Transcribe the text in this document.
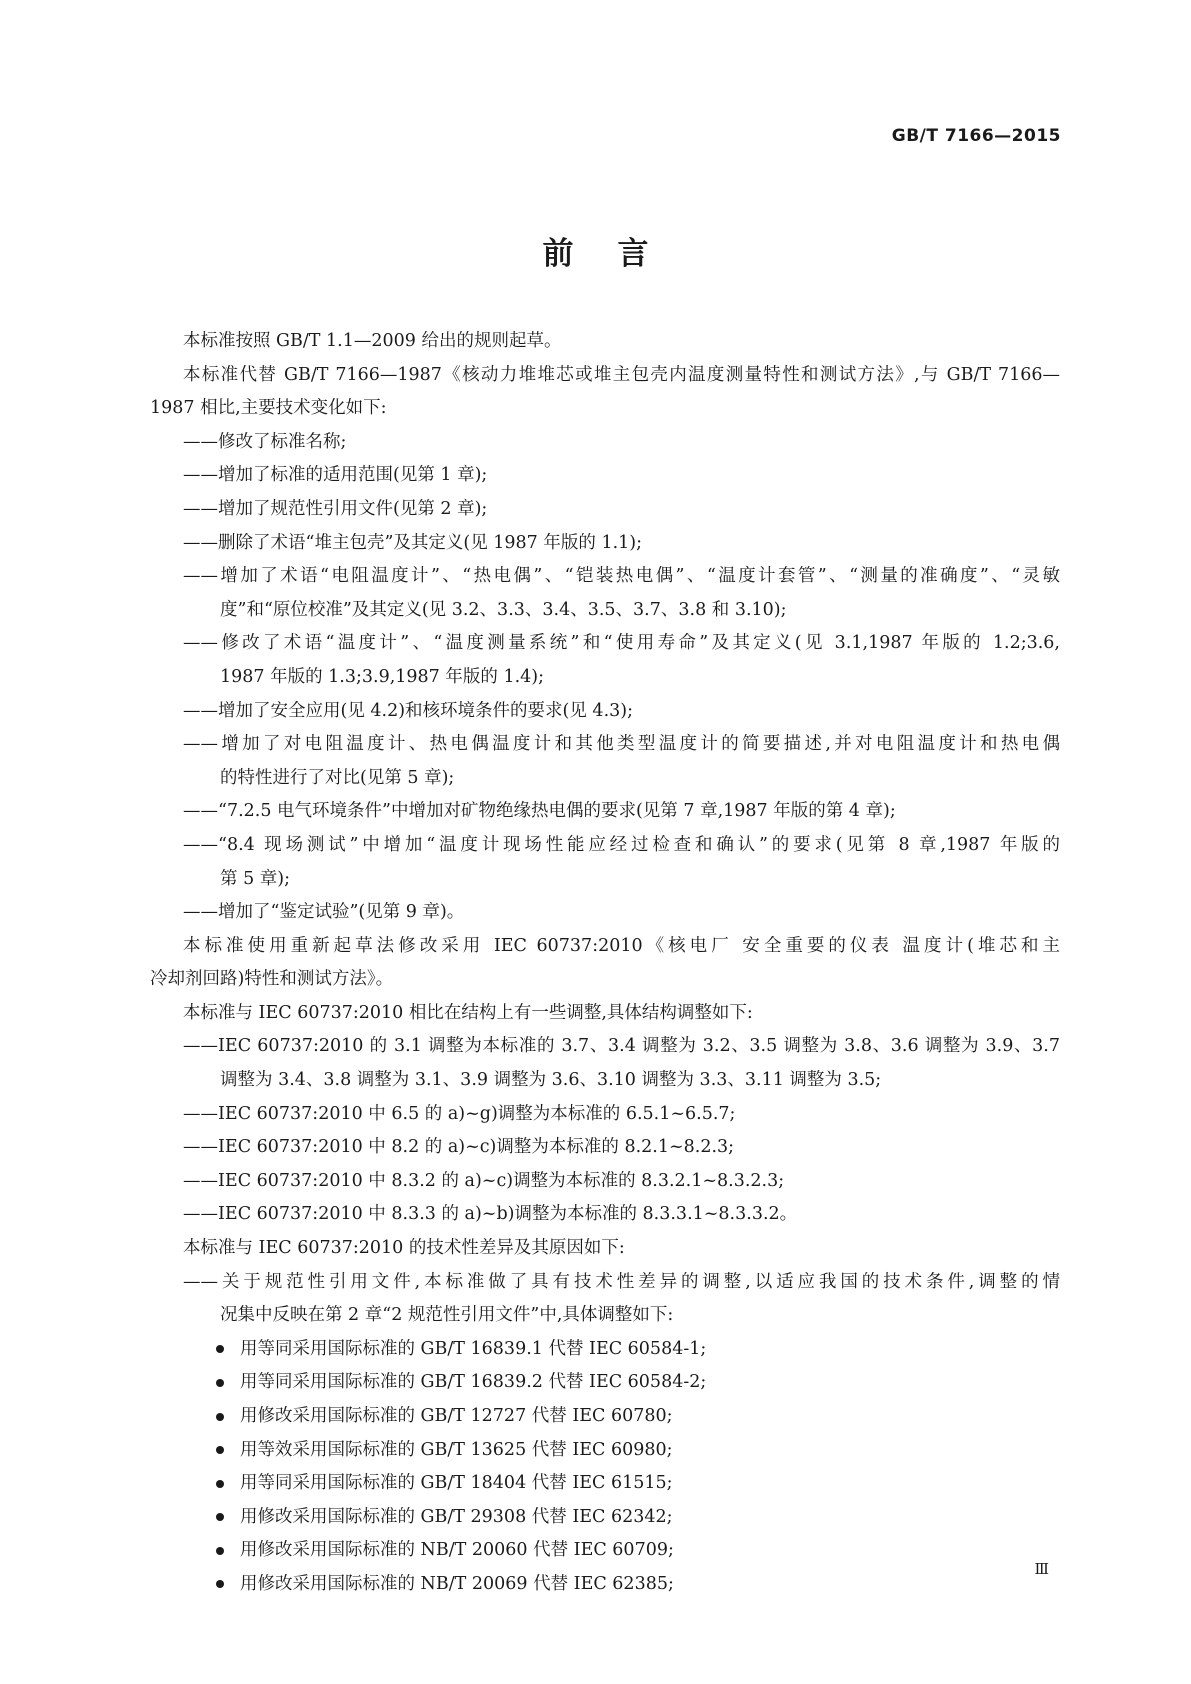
GB/T 7166—2015
前言
本标准按照 GB/T 1.1—2009 给出的规则起草。
本标准代替 GB/T 7166—1987《核动力堆堆芯或堆主包壳内温度测量特性和测试方法》,与 GB/T 7166—
1987 相比,主要技术变化如下:
——修改了标准名称;
——增加了标准的适用范围(见第 1 章);
——增加了规范性引用文件(见第 2 章);
——删除了术语“堆主包壳”及其定义(见 1987 年版的 1.1);
——增加了术语“电阻温度计”、“热电偶”、“铠装热电偶”、“温度计套管”、“测量的准确度”、“灵敏
度”和“原位校准”及其定义(见 3.2、3.3、3.4、3.5、3.7、3.8 和 3.10);
——修改了术语“温度计”、“温度测量系统”和“使用寿命”及其定义(见 3.1,1987 年版的 1.2;3.6,
1987 年版的 1.3;3.9,1987 年版的 1.4);
——增加了安全应用(见 4.2)和核环境条件的要求(见 4.3);
——增加了对电阻温度计、热电偶温度计和其他类型温度计的简要描述,并对电阻温度计和热电偶
的特性进行了对比(见第 5 章);
——“7.2.5 电气环境条件”中增加对矿物绝缘热电偶的要求(见第 7 章,1987 年版的第 4 章);
——“8.4 现场测试”中增加“温度计现场性能应经过检查和确认”的要求(见第 8 章,1987 年版的
第 5 章);
——增加了“鉴定试验”(见第 9 章)。
本标准使用重新起草法修改采用 IEC 60737:2010《核电厂 安全重要的仪表 温度计(堆芯和主
冷却剂回路)特性和测试方法》。
本标准与 IEC 60737:2010 相比在结构上有一些调整,具体结构调整如下:
——IEC 60737:2010 的 3.1 调整为本标准的 3.7、3.4 调整为 3.2、3.5 调整为 3.8、3.6 调整为 3.9、3.7
调整为 3.4、3.8 调整为 3.1、3.9 调整为 3.6、3.10 调整为 3.3、3.11 调整为 3.5;
——IEC 60737:2010 中 6.5 的 a)~g)调整为本标准的 6.5.1~6.5.7;
——IEC 60737:2010 中 8.2 的 a)~c)调整为本标准的 8.2.1~8.2.3;
——IEC 60737:2010 中 8.3.2 的 a)~c)调整为本标准的 8.3.2.1~8.3.2.3;
——IEC 60737:2010 中 8.3.3 的 a)~b)调整为本标准的 8.3.3.1~8.3.3.2。
本标准与 IEC 60737:2010 的技术性差异及其原因如下:
——关于规范性引用文件,本标准做了具有技术性差异的调整,以适应我国的技术条件,调整的情
况集中反映在第 2 章“2 规范性引用文件”中,具体调整如下:
用等同采用国际标准的 GB/T 16839.1 代替 IEC 60584-1;
用等同采用国际标准的 GB/T 16839.2 代替 IEC 60584-2;
用修改采用国际标准的 GB/T 12727 代替 IEC 60780;
用等效采用国际标准的 GB/T 13625 代替 IEC 60980;
用等同采用国际标准的 GB/T 18404 代替 IEC 61515;
用修改采用国际标准的 GB/T 29308 代替 IEC 62342;
用修改采用国际标准的 NB/T 20060 代替 IEC 60709;
用修改采用国际标准的 NB/T 20069 代替 IEC 62385;
Ⅲ
